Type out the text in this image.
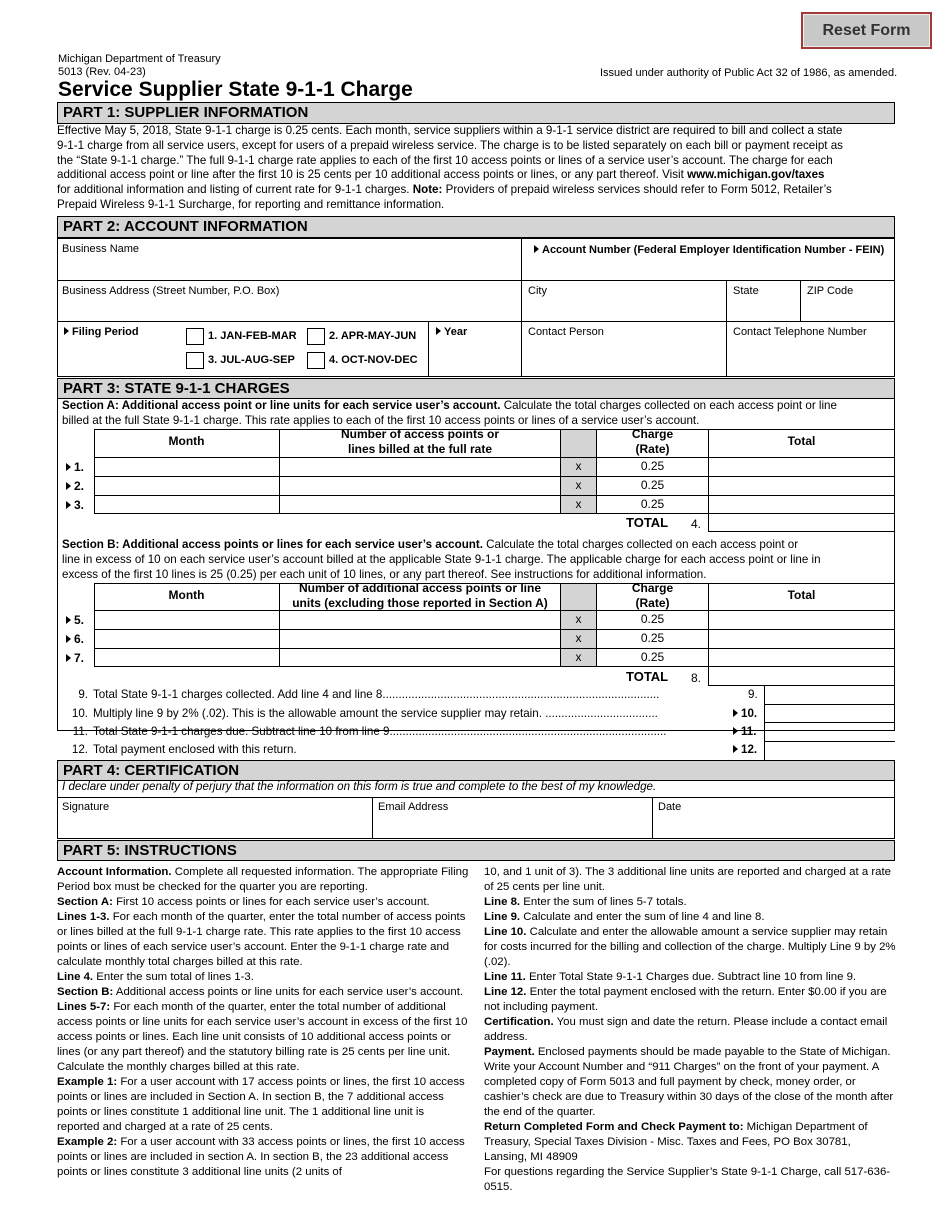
Reset Form
Michigan Department of Treasury
5013 (Rev. 04-23)	Issued under authority of Public Act 32 of 1986, as amended.
Service Supplier State 9-1-1 Charge
PART 1: SUPPLIER INFORMATION
Effective May 5, 2018, State 9-1-1 charge is 0.25 cents. Each month, service suppliers within a 9-1-1 service district are required to bill and collect a state
9-1-1 charge from all service users, except for users of a prepaid wireless service. The charge is to be listed separately on each bill or payment receipt as
the “State 9-1-1 charge.” The full 9-1-1 charge rate applies to each of the first 10 access points or lines of a service user’s account. The charge for each
additional access point or line after the first 10 is 25 cents per 10 additional access points or lines, or any part thereof. Visit www.michigan.gov/taxes
for additional information and listing of current rate for 9-1-1 charges. Note: Providers of prepaid wireless services should refer to Form 5012, Retailer’s
Prepaid Wireless 9-1-1 Surcharge, for reporting and remittance information.
PART 2: ACCOUNT INFORMATION
Business Name	Account Number (Federal Employer Identification Number - FEIN)
Business Address (Street Number, P.O. Box)	City	State	ZIP Code
Filing Period	1. JAN-FEB-MAR	2. APR-MAY-JUN
3. JUL-AUG-SEP	4. OCT-NOV-DEC
Year	Contact Person	Contact Telephone Number
PART 3: STATE 9-1-1 CHARGES
Section A: Additional access point or line units for each service user’s account. Calculate the total charges collected on each access point or line
billed at the full State 9-1-1 charge. This rate applies to each of the first 10 access points or lines of a service user’s account.
Month	Number of access points or
lines billed at the full rate
Charge
(Rate)
Total
1.	x	0.25
2.	x	0.25
3.	x	0.25
TOTAL 4.
Section B: Additional access points or lines for each service user’s account. Calculate the total charges collected on each access point or
line in excess of 10 on each service user’s account billed at the applicable State 9-1-1 charge. The applicable charge for each access point or line in
excess of the first 10 lines is 25 (0.25) per each unit of 10 lines, or any part thereof. See instructions for additional information.
Month	Number of additional access points or line
units (excluding those reported in Section A)
Charge
(Rate)
Total
5.	x	0.25
6.	x	0.25
7.	x	0.25
TOTAL 8.
9. Total State 9-1-1 charges collected. Add line 4 and line 8......................................................................................	9.
10. Multiply line 9 by 2% (.02). This is the allowable amount the service supplier may retain. ...................................	10.
11. Total State 9-1-1 charges due. Subtract line 10 from line 9......................................................................................	11.
12. Total payment enclosed with this return.	12.
PART 4: CERTIFICATION
I declare under penalty of perjury that the information on this form is true and complete to the best of my knowledge.
Signature	Email Address	Date
PART 5: INSTRUCTIONS
Account Information. Complete all requested information. The appropriate Filing Period box must be checked for the quarter you are reporting.
Section A: First 10 access points or lines for each service user’s account.
Lines 1-3. For each month of the quarter, enter the total number of access points or lines billed at the full 9-1-1 charge rate. This rate applies to the first 10 access points or lines of each service user’s account. Enter the 9-1-1 charge rate and calculate monthly total charges billed at this rate.
Line 4. Enter the sum total of lines 1-3.
Section B: Additional access points or line units for each service user’s account.
Lines 5-7: For each month of the quarter, enter the total number of additional access points or line units for each service user’s account in excess of the first 10 access points or lines. Each line unit consists of 10 additional access points or lines (or any part thereof) and the statutory billing rate is 25 cents per line unit. Calculate the monthly charges billed at this rate.
Example 1: For a user account with 17 access points or lines, the first 10 access points or lines are included in Section A. In section B, the 7 additional access points or lines constitute 1 additional line unit. The 1 additional line unit is reported and charged at a rate of 25 cents.
Example 2: For a user account with 33 access points or lines, the first 10 access points or lines are included in section A. In section B, the 23 additional access points or lines constitute 3 additional line units (2 units of
10, and 1 unit of 3). The 3 additional line units are reported and charged at a rate of 25 cents per line unit.
Line 8. Enter the sum of lines 5-7 totals.
Line 9. Calculate and enter the sum of line 4 and line 8.
Line 10. Calculate and enter the allowable amount a service supplier may retain for costs incurred for the billing and collection of the charge. Multiply Line 9 by 2% (.02).
Line 11. Enter Total State 9-1-1 Charges due. Subtract line 10 from line 9.
Line 12. Enter the total payment enclosed with the return. Enter $0.00 if you are not including payment.
Certification. You must sign and date the return. Please include a contact email address.
Payment. Enclosed payments should be made payable to the State of Michigan. Write your Account Number and “911 Charges” on the front of your payment. A completed copy of Form 5013 and full payment by check, money order, or cashier’s check are due to Treasury within 30 days of the close of the month after the end of the quarter.
Return Completed Form and Check Payment to: Michigan Department of Treasury, Special Taxes Division - Misc. Taxes and Fees, PO Box 30781, Lansing, MI 48909
For questions regarding the Service Supplier’s State 9-1-1 Charge, call 517-636-0515.
